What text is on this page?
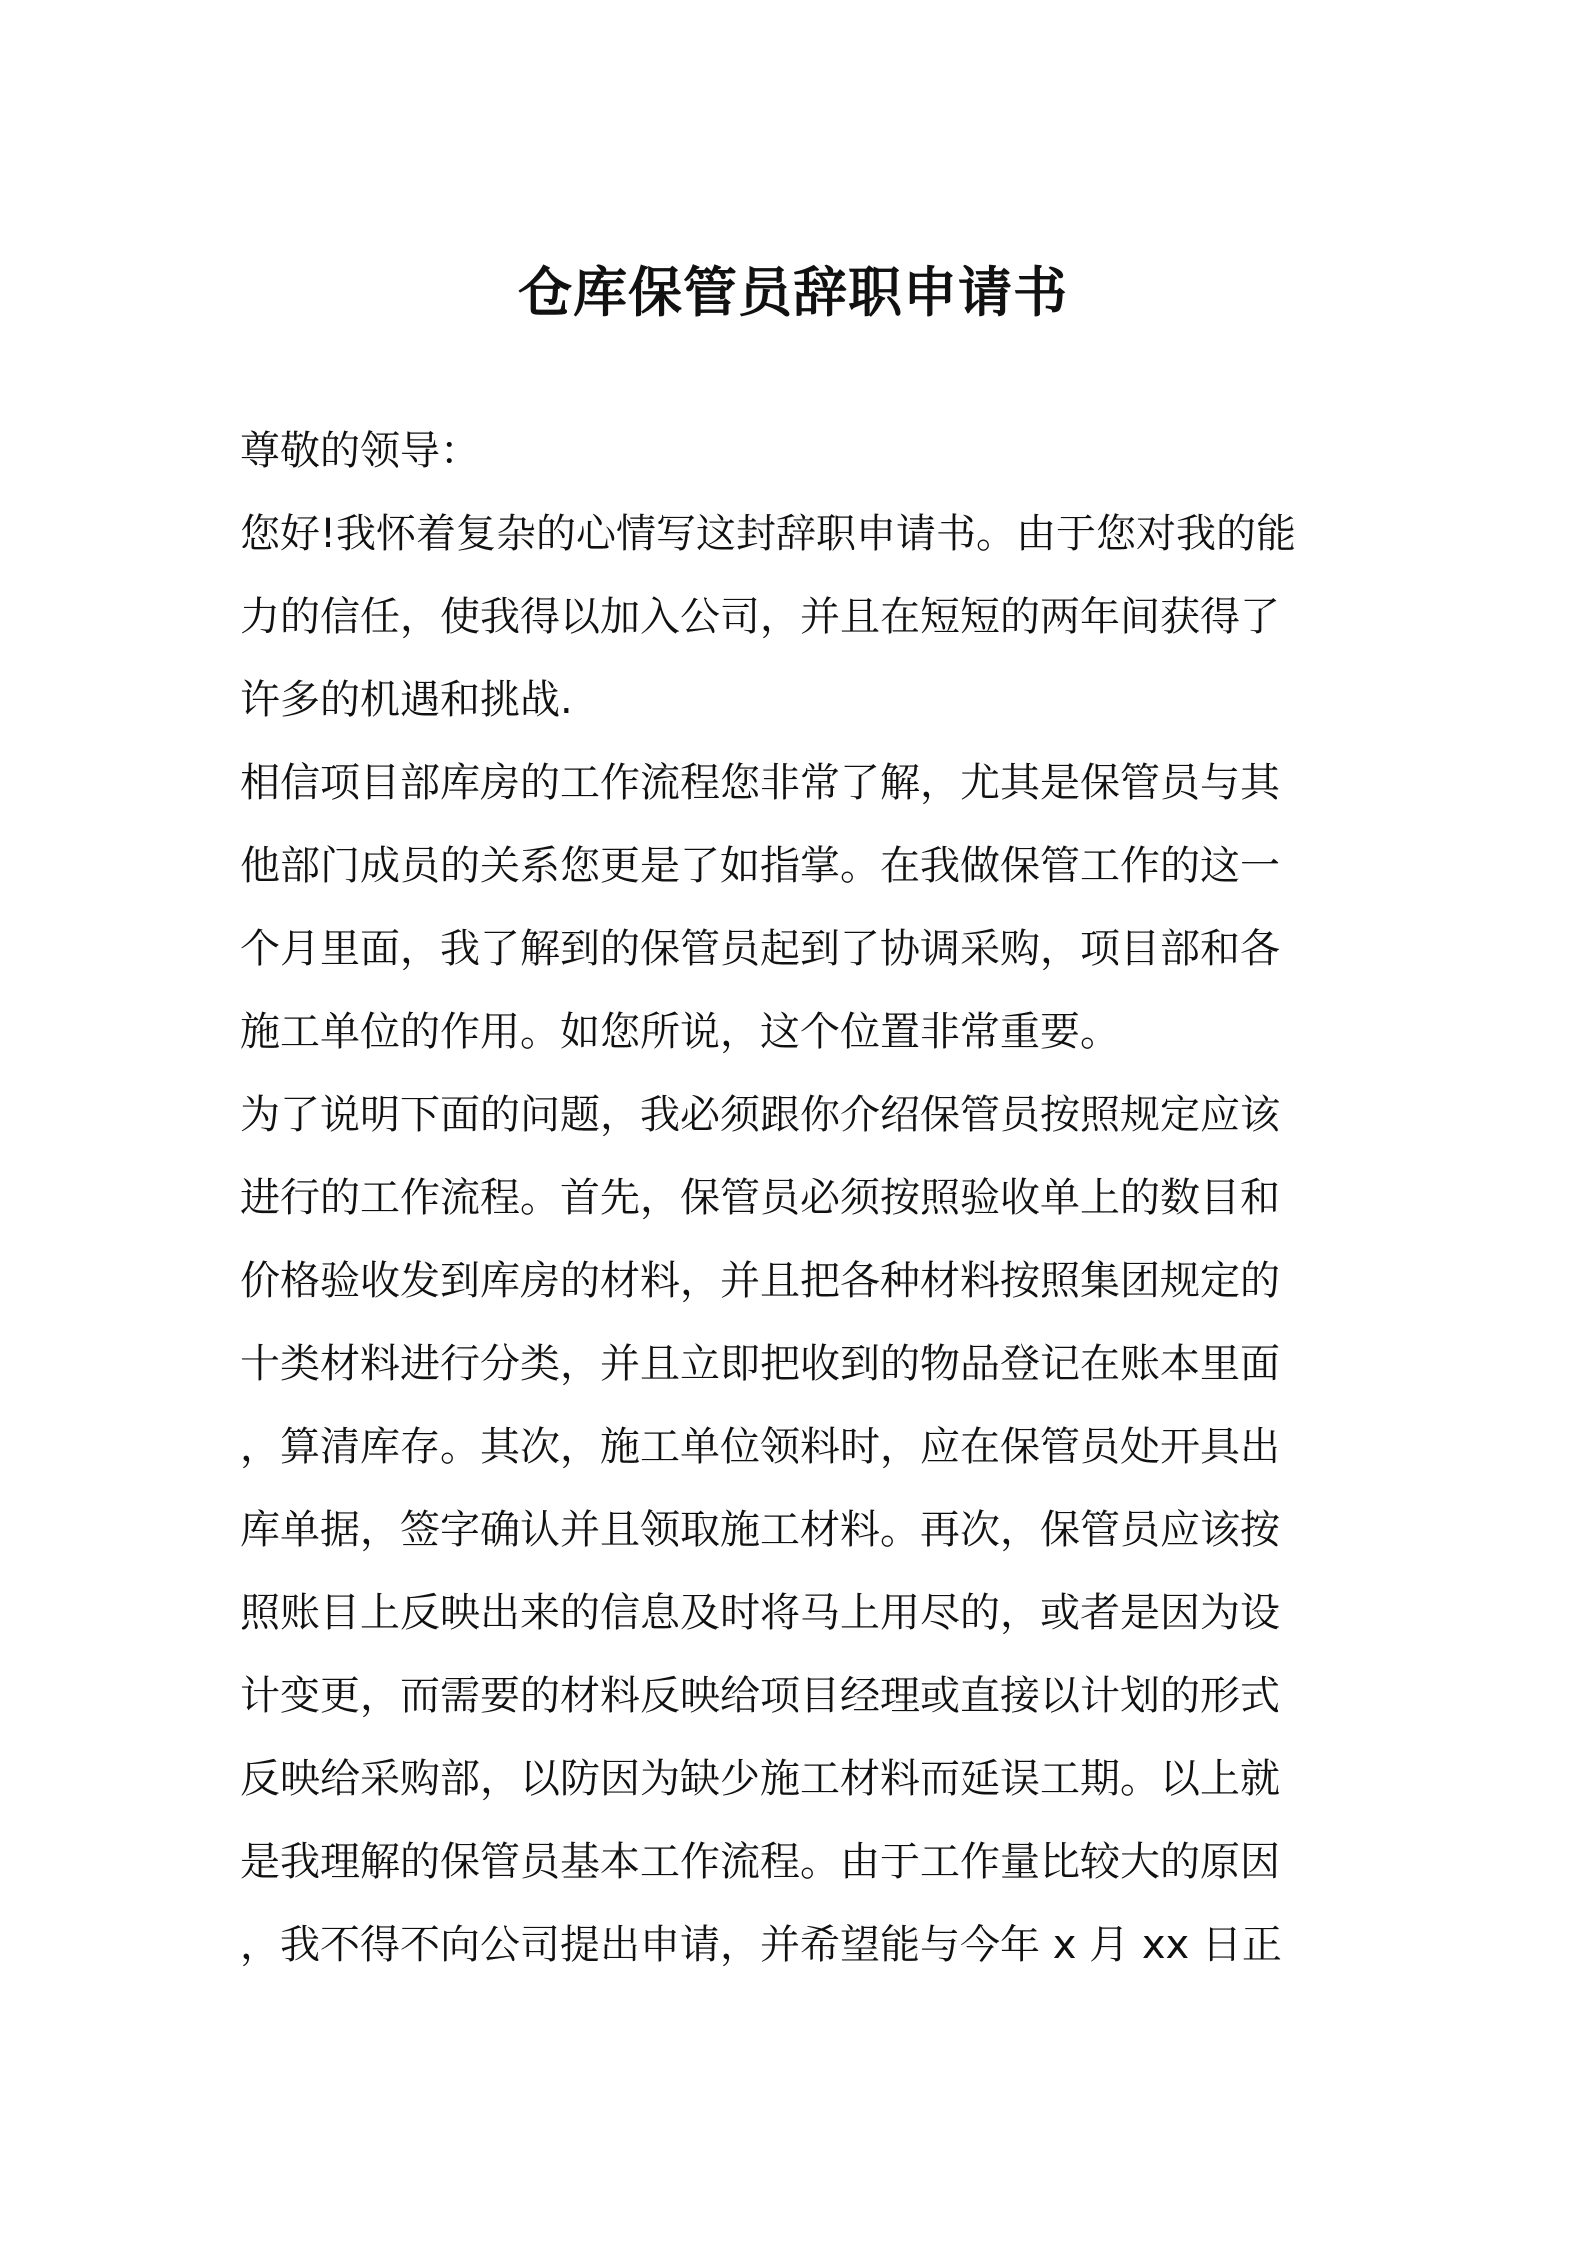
仓库保管员辞职申请书
尊敬的领导：
您好!我怀着复杂的心情写这封辞职申请书。由于您对我的能
力的信任，使我得以加入公司，并且在短短的两年间获得了
许多的机遇和挑战.
相信项目部库房的工作流程您非常了解，尤其是保管员与其
他部门成员的关系您更是了如指掌。在我做保管工作的这一
个月里面，我了解到的保管员起到了协调采购，项目部和各
施工单位的作用。如您所说，这个位置非常重要。
为了说明下面的问题，我必须跟你介绍保管员按照规定应该
进行的工作流程。首先，保管员必须按照验收单上的数目和
价格验收发到库房的材料，并且把各种材料按照集团规定的
十类材料进行分类，并且立即把收到的物品登记在账本里面
，算清库存。其次，施工单位领料时，应在保管员处开具出
库单据，签字确认并且领取施工材料。再次，保管员应该按
照账目上反映出来的信息及时将马上用尽的，或者是因为设
计变更，而需要的材料反映给项目经理或直接以计划的形式
反映给采购部，以防因为缺少施工材料而延误工期。以上就
是我理解的保管员基本工作流程。由于工作量比较大的原因
，我不得不向公司提出申请，并希望能与今年 x 月 xx 日正
